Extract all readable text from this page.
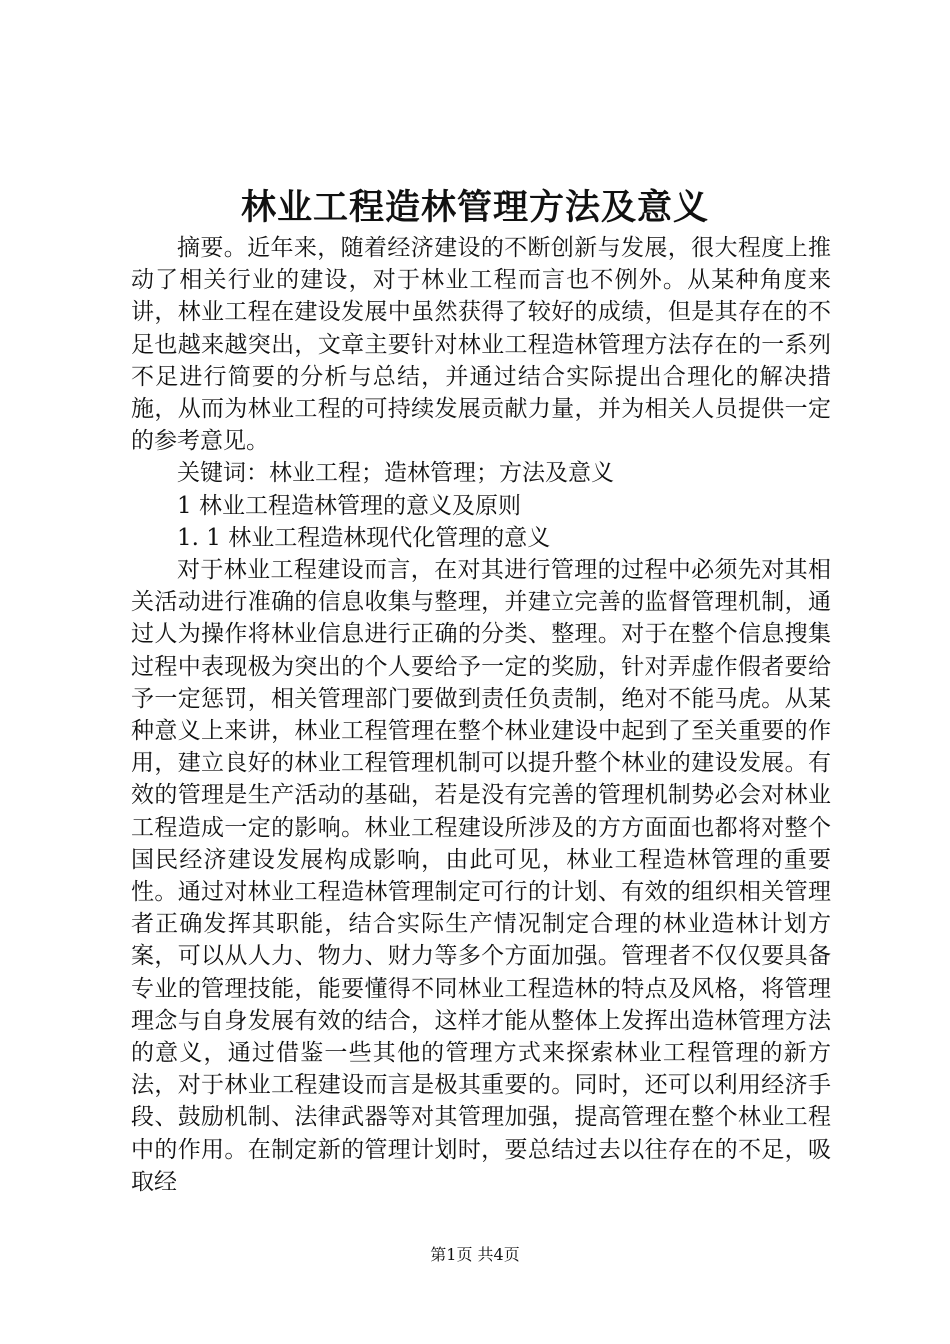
林业工程造林管理方法及意义

摘要。近年来，随着经济建设的不断创新与发展，很大程度上推动了相关行业的建设，对于林业工程而言也不例外。从某种角度来讲，林业工程在建设发展中虽然获得了较好的成绩，但是其存在的不足也越来越突出，文章主要针对林业工程造林管理方法存在的一系列不足进行简要的分析与总结，并通过结合实际提出合理化的解决措施，从而为林业工程的可持续发展贡献力量，并为相关人员提供一定的参考意见。

关键词：林业工程；造林管理；方法及意义

1 林业工程造林管理的意义及原则

1. 1 林业工程造林现代化管理的意义

对于林业工程建设而言，在对其进行管理的过程中必须先对其相关活动进行准确的信息收集与整理，并建立完善的监督管理机制，通过人为操作将林业信息进行正确的分类、整理。对于在整个信息搜集过程中表现极为突出的个人要给予一定的奖励，针对弄虚作假者要给予一定惩罚，相关管理部门要做到责任负责制，绝对不能马虎。从某种意义上来讲，林业工程管理在整个林业建设中起到了至关重要的作用，建立良好的林业工程管理机制可以提升整个林业的建设发展。有效的管理是生产活动的基础，若是没有完善的管理机制势必会对林业工程造成一定的影响。林业工程建设所涉及的方方面面也都将对整个国民经济建设发展构成影响，由此可见，林业工程造林管理的重要性。通过对林业工程造林管理制定可行的计划、有效的组织相关管理者正确发挥其职能，结合实际生产情况制定合理的林业造林计划方案，可以从人力、物力、财力等多个方面加强。管理者不仅仅要具备专业的管理技能，能要懂得不同林业工程造林的特点及风格，将管理理念与自身发展有效的结合，这样才能从整体上发挥出造林管理方法的意义，通过借鉴一些其他的管理方式来探索林业工程管理的新方法，对于林业工程建设而言是极其重要的。同时，还可以利用经济手段、鼓励机制、法律武器等对其管理加强，提高管理在整个林业工程中的作用。在制定新的管理计划时，要总结过去以往存在的不足，吸取经

第1页 共4页
